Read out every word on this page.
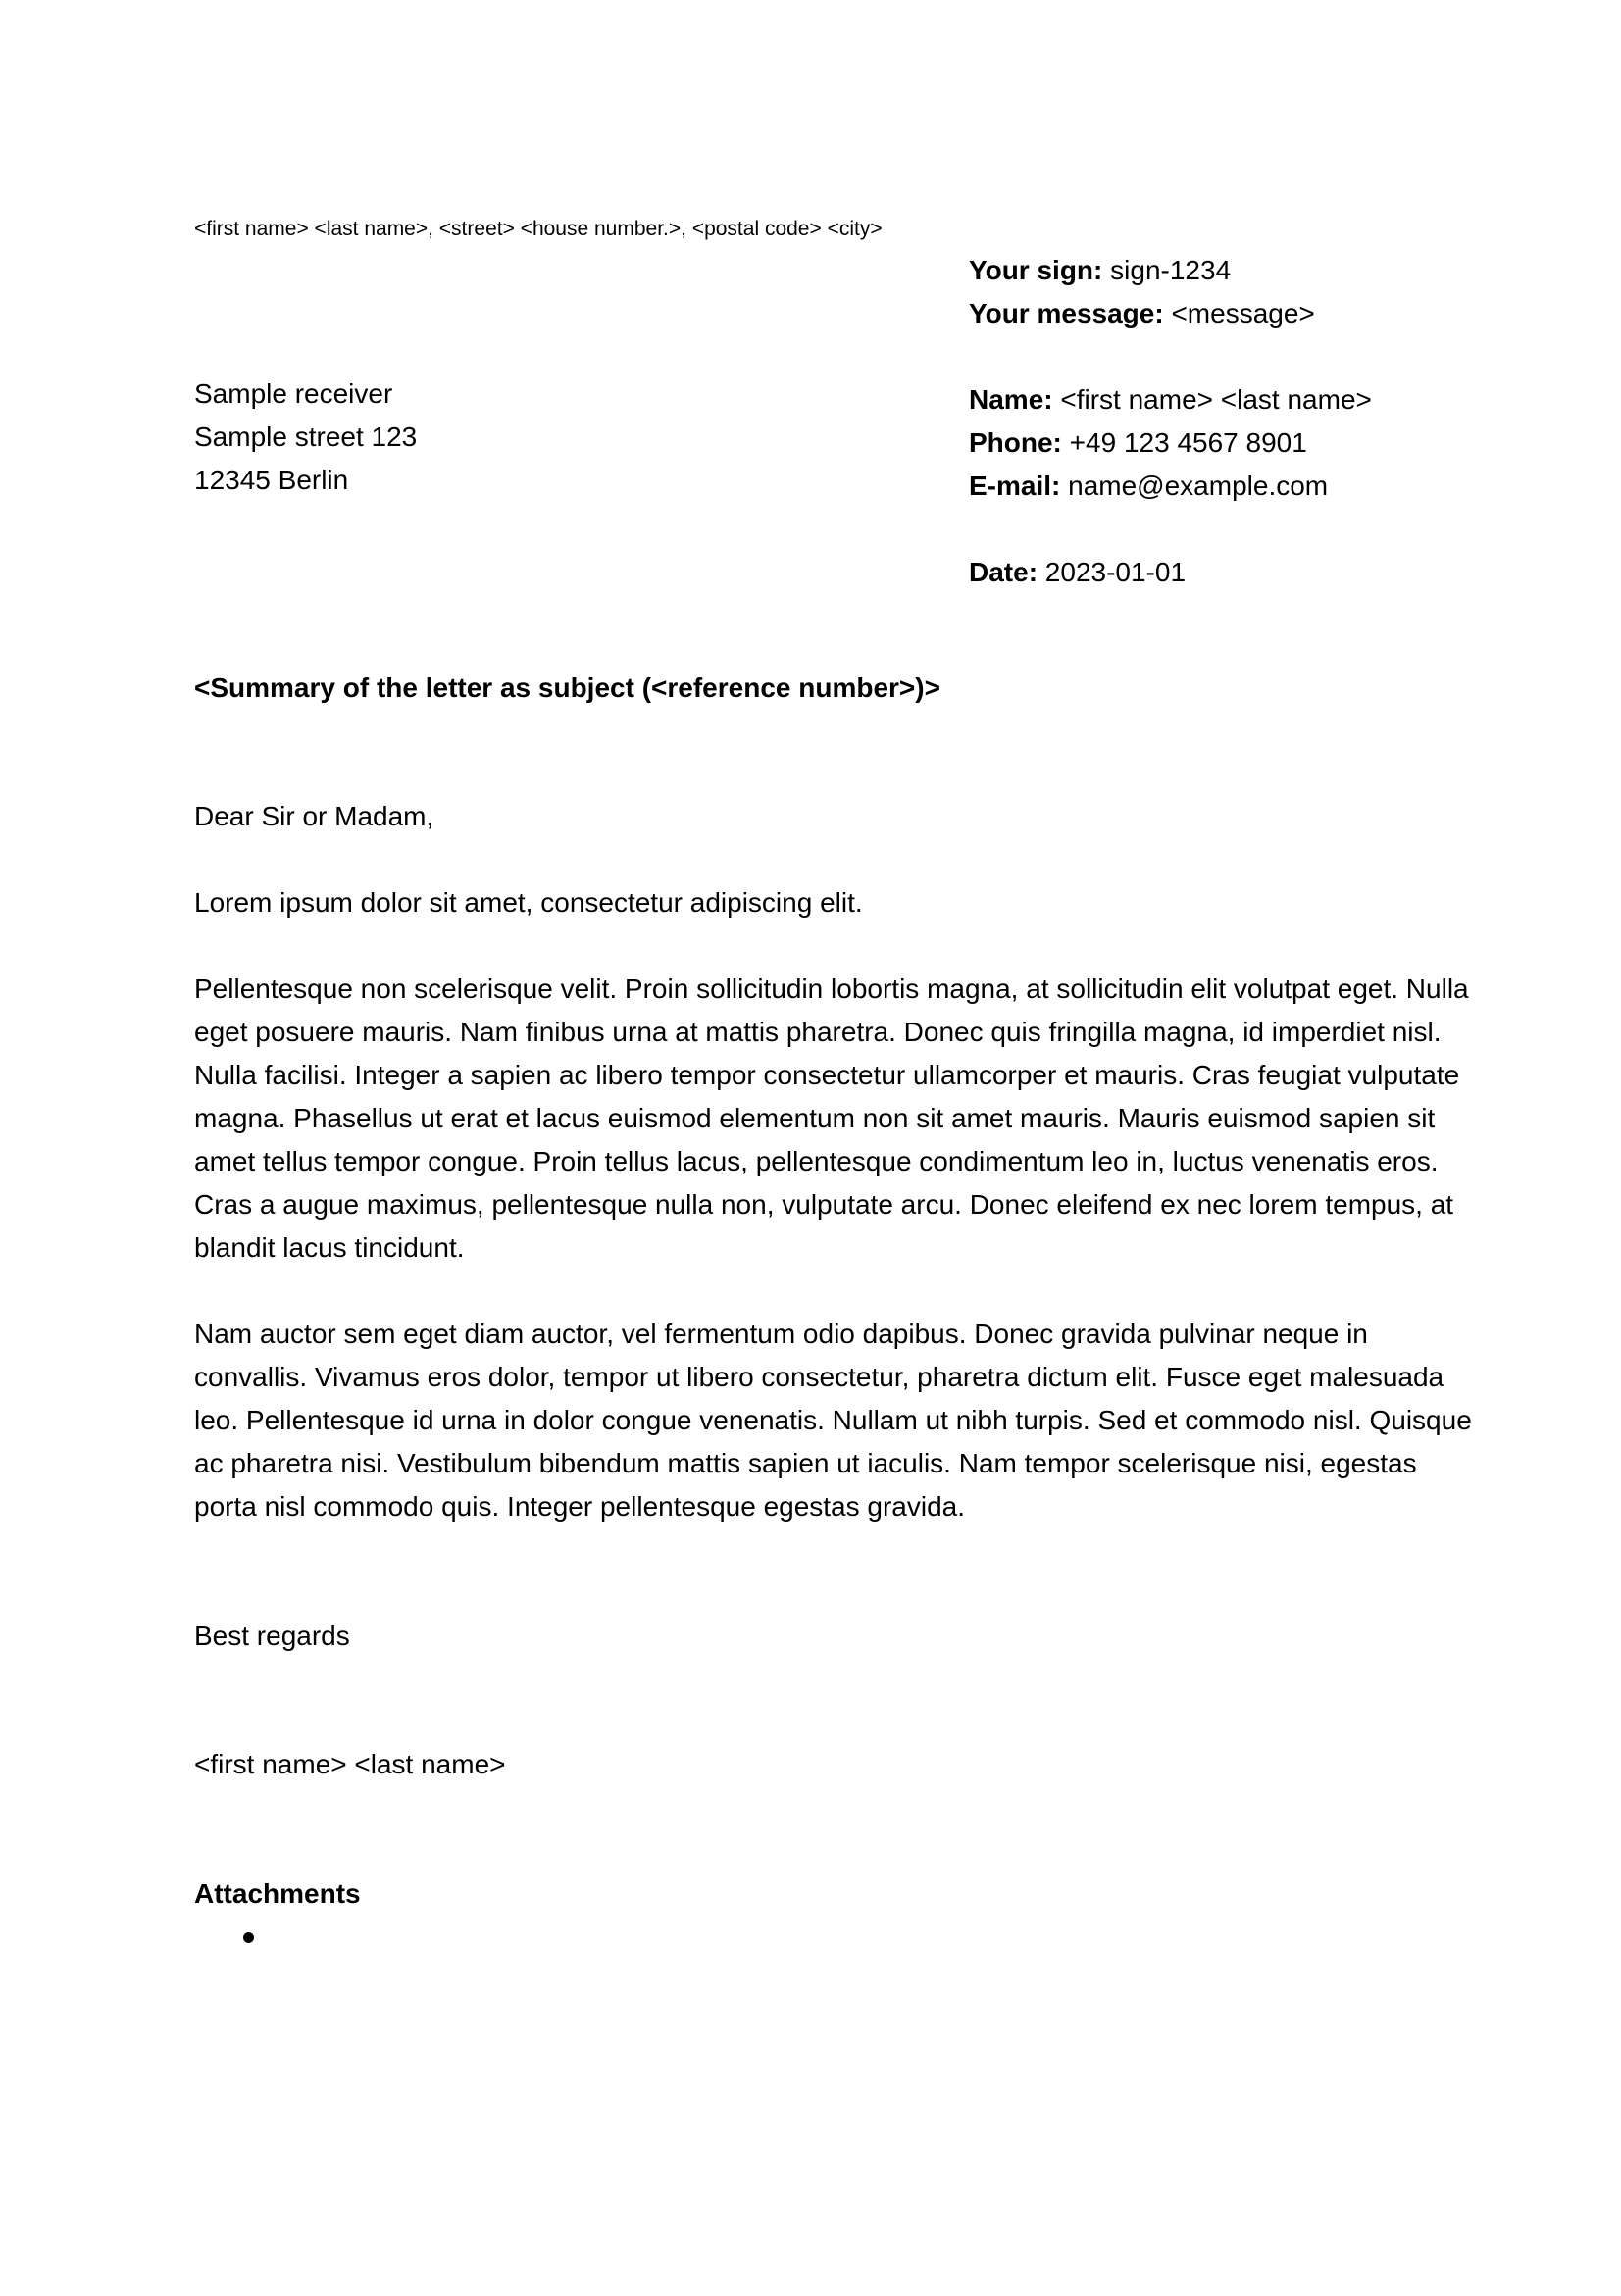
<first name> <last name>, <street> <house number.>, <postal code> <city>
Sample receiver
Sample street 123
12345 Berlin
Your sign: sign-1234
Your message: <message>
Name: <first name> <last name>
Phone: +49 123 4567 8901
E-mail: name@example.com
Date: 2023-01-01
<Summary of the letter as subject (<reference number>)>

Dear Sir or Madam,

Lorem ipsum dolor sit amet, consectetur adipiscing elit.

Pellentesque non scelerisque velit. Proin sollicitudin lobortis magna, at sollicitudin elit volutpat eget. Nulla eget posuere mauris. Nam finibus urna at mattis pharetra. Donec quis fringilla magna, id imperdiet nisl. Nulla facilisi. Integer a sapien ac libero tempor consectetur ullamcorper et mauris. Cras feugiat vulputate magna. Phasellus ut erat et lacus euismod elementum non sit amet mauris. Mauris euismod sapien sit amet tellus tempor congue. Proin tellus lacus, pellentesque condimentum leo in, luctus venenatis eros. Cras a augue maximus, pellentesque nulla non, vulputate arcu. Donec eleifend ex nec lorem tempus, at blandit lacus tincidunt.

Nam auctor sem eget diam auctor, vel fermentum odio dapibus. Donec gravida pulvinar neque in convallis. Vivamus eros dolor, tempor ut libero consectetur, pharetra dictum elit. Fusce eget malesuada leo. Pellentesque id urna in dolor congue venenatis. Nullam ut nibh turpis. Sed et commodo nisl. Quisque ac pharetra nisi. Vestibulum bibendum mattis sapien ut iaculis. Nam tempor scelerisque nisi, egestas porta nisl commodo quis. Integer pellentesque egestas gravida.

Best regards
<first name> <last name>
Attachments
